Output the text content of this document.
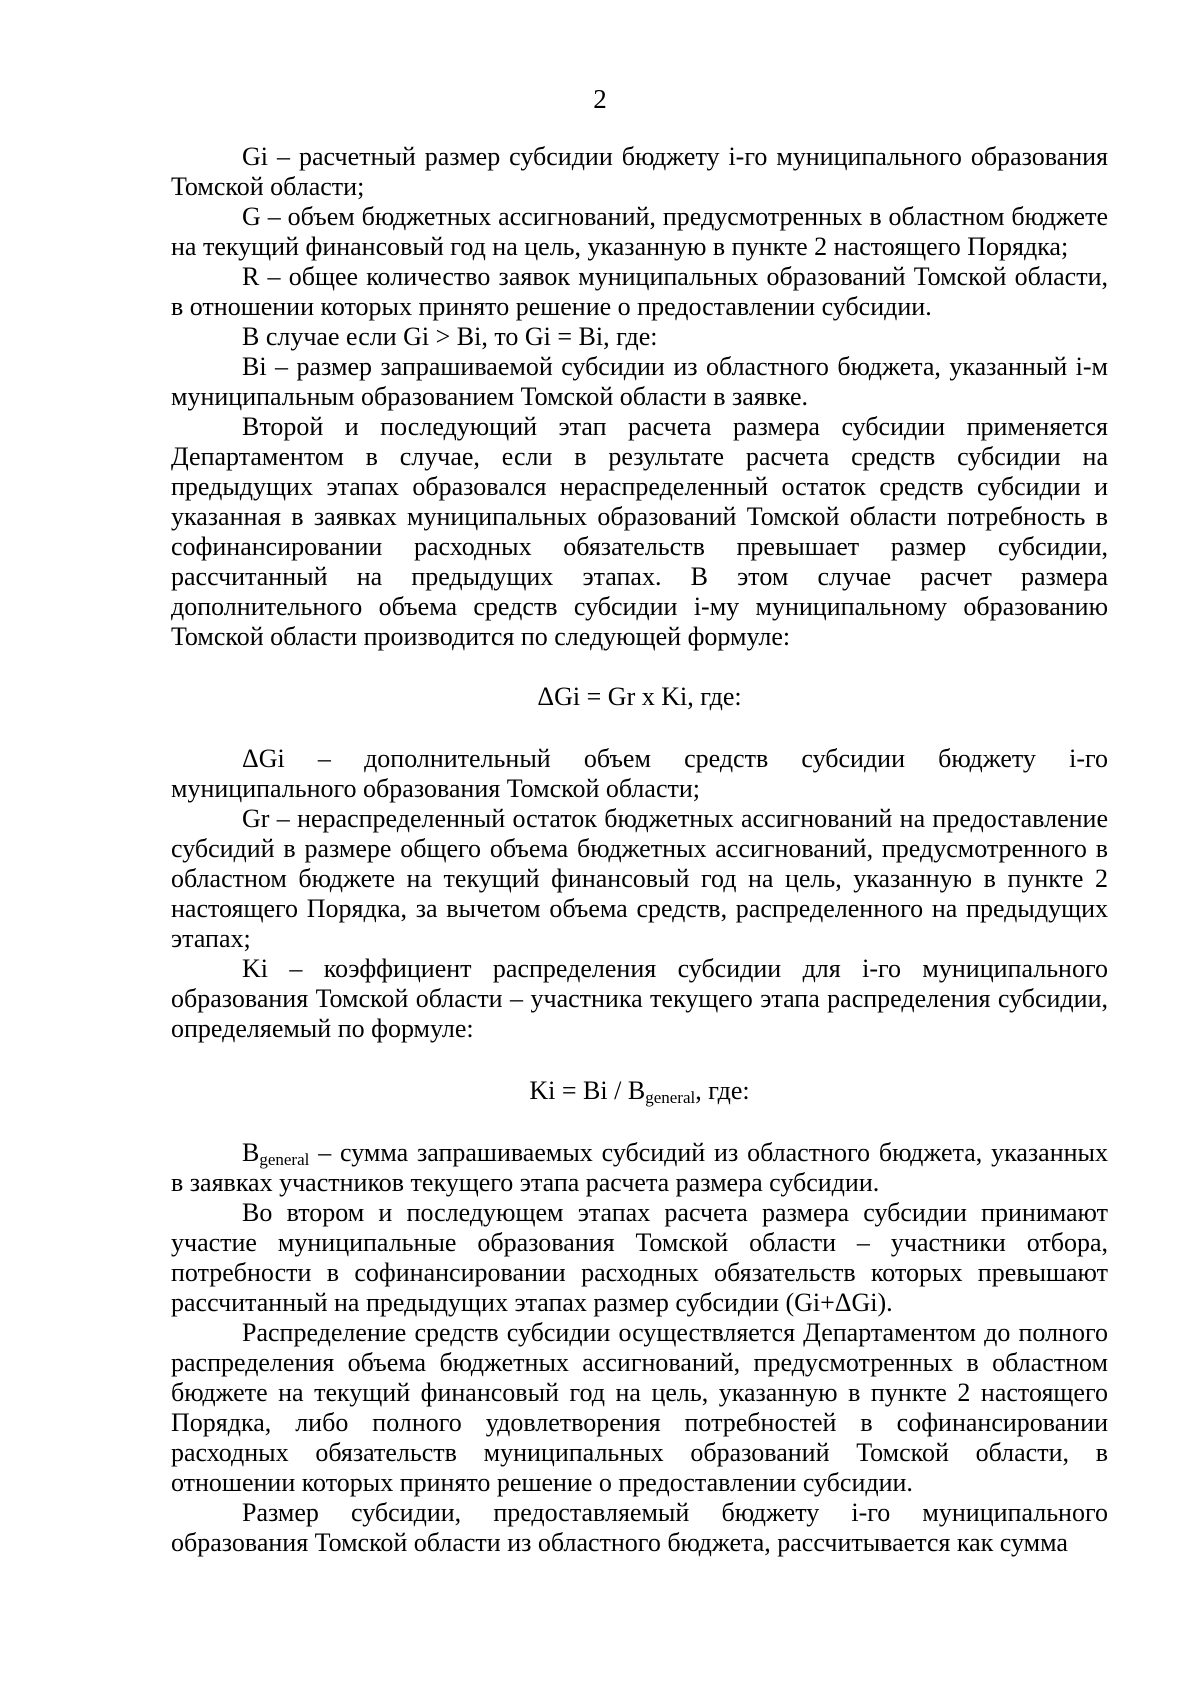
2

Gi – расчетный размер субсидии бюджету i-го муниципального образования Томской области;

G – объем бюджетных ассигнований, предусмотренных в областном бюджете на текущий финансовый год на цель, указанную в пункте 2 настоящего Порядка;

R – общее количество заявок муниципальных образований Томской области, в отношении которых принято решение о предоставлении субсидии.

В случае если Gi > Bi, то Gi = Bi, где:

Bi – размер запрашиваемой субсидии из областного бюджета, указанный i-м муниципальным образованием Томской области в заявке.

Второй и последующий этап расчета размера субсидии применяется Департаментом в случае, если в результате расчета средств субсидии на предыдущих этапах образовался нераспределенный остаток средств субсидии и указанная в заявках муниципальных образований Томской области потребность в софинансировании расходных обязательств превышает размер субсидии, рассчитанный на предыдущих этапах. В этом случае расчет размера дополнительного объема средств субсидии i-му муниципальному образованию Томской области производится по следующей формуле:

ΔGi = Gr x Ki, где:

ΔGi – дополнительный объем средств субсидии бюджету i-го муниципального образования Томской области;

Gr – нераспределенный остаток бюджетных ассигнований на предоставление субсидий в размере общего объема бюджетных ассигнований, предусмотренного в областном бюджете на текущий финансовый год на цель, указанную в пункте 2 настоящего Порядка, за вычетом объема средств, распределенного на предыдущих этапах;

Ki – коэффициент распределения субсидии для i-го муниципального образования Томской области – участника текущего этапа распределения субсидии, определяемый по формуле:

$Ki = Bi / B_{general}$, где:

$B_{general}$ – сумма запрашиваемых субсидий из областного бюджета, указанных в заявках участников текущего этапа расчета размера субсидии.

Во втором и последующем этапах расчета размера субсидии принимают участие муниципальные образования Томской области – участники отбора, потребности в софинансировании расходных обязательств которых превышают рассчитанный на предыдущих этапах размер субсидии (Gi+ΔGi).

Распределение средств субсидии осуществляется Департаментом до полного распределения объема бюджетных ассигнований, предусмотренных в областном бюджете на текущий финансовый год на цель, указанную в пункте 2 настоящего Порядка, либо полного удовлетворения потребностей в софинансировании расходных обязательств муниципальных образований Томской области, в отношении которых принято решение о предоставлении субсидии.

Размер субсидии, предоставляемый бюджету i-го муниципального образования Томской области из областного бюджета, рассчитывается как сумма
